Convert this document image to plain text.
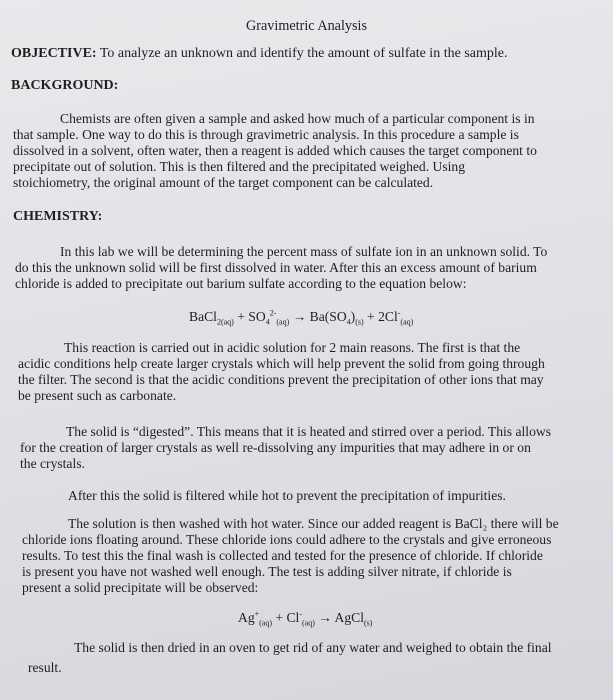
Gravimetric Analysis
OBJECTIVE: To analyze an unknown and identify the amount of sulfate in the sample.
BACKGROUND:
Chemists are often given a sample and asked how much of a particular component is in
that sample. One way to do this is through gravimetric analysis. In this procedure a sample is
dissolved in a solvent, often water, then a reagent is added which causes the target component to
precipitate out of solution. This is then filtered and the precipitated weighed. Using
stoichiometry, the original amount of the target component can be calculated.
CHEMISTRY:
In this lab we will be determining the percent mass of sulfate ion in an unknown solid. To
do this the unknown solid will be first dissolved in water. After this an excess amount of barium
chloride is added to precipitate out barium sulfate according to the equation below:
BaCl$_{2(aq)}$ + $SO_4^{2-}_{(aq)} \to Ba(SO_4)_{(s)} + 2Cl^-_{(aq)}$
This reaction is carried out in acidic solution for 2 main reasons. The first is that the
acidic conditions help create larger crystals which will help prevent the solid from going through
the filter. The second is that the acidic conditions prevent the precipitation of other ions that may
be present such as carbonate.
The solid is “digested”. This means that it is heated and stirred over a period. This allows
for the creation of larger crystals as well re-dissolving any impurities that may adhere in or on
the crystals.
After this the solid is filtered while hot to prevent the precipitation of impurities.
The solution is then washed with hot water. Since our added reagent is BaCl₂ there will be
chloride ions floating around. These chloride ions could adhere to the crystals and give erroneous
results. To test this the final wash is collected and tested for the presence of chloride. If chloride
is present you have not washed well enough. The test is adding silver nitrate, if chloride is
present a solid precipitate will be observed:
$Ag^+_{(aq)} + Cl^-_{(aq)}$ → AgCl$_{(s)}$
The solid is then dried in an oven to get rid of any water and weighed to obtain the final
result.
